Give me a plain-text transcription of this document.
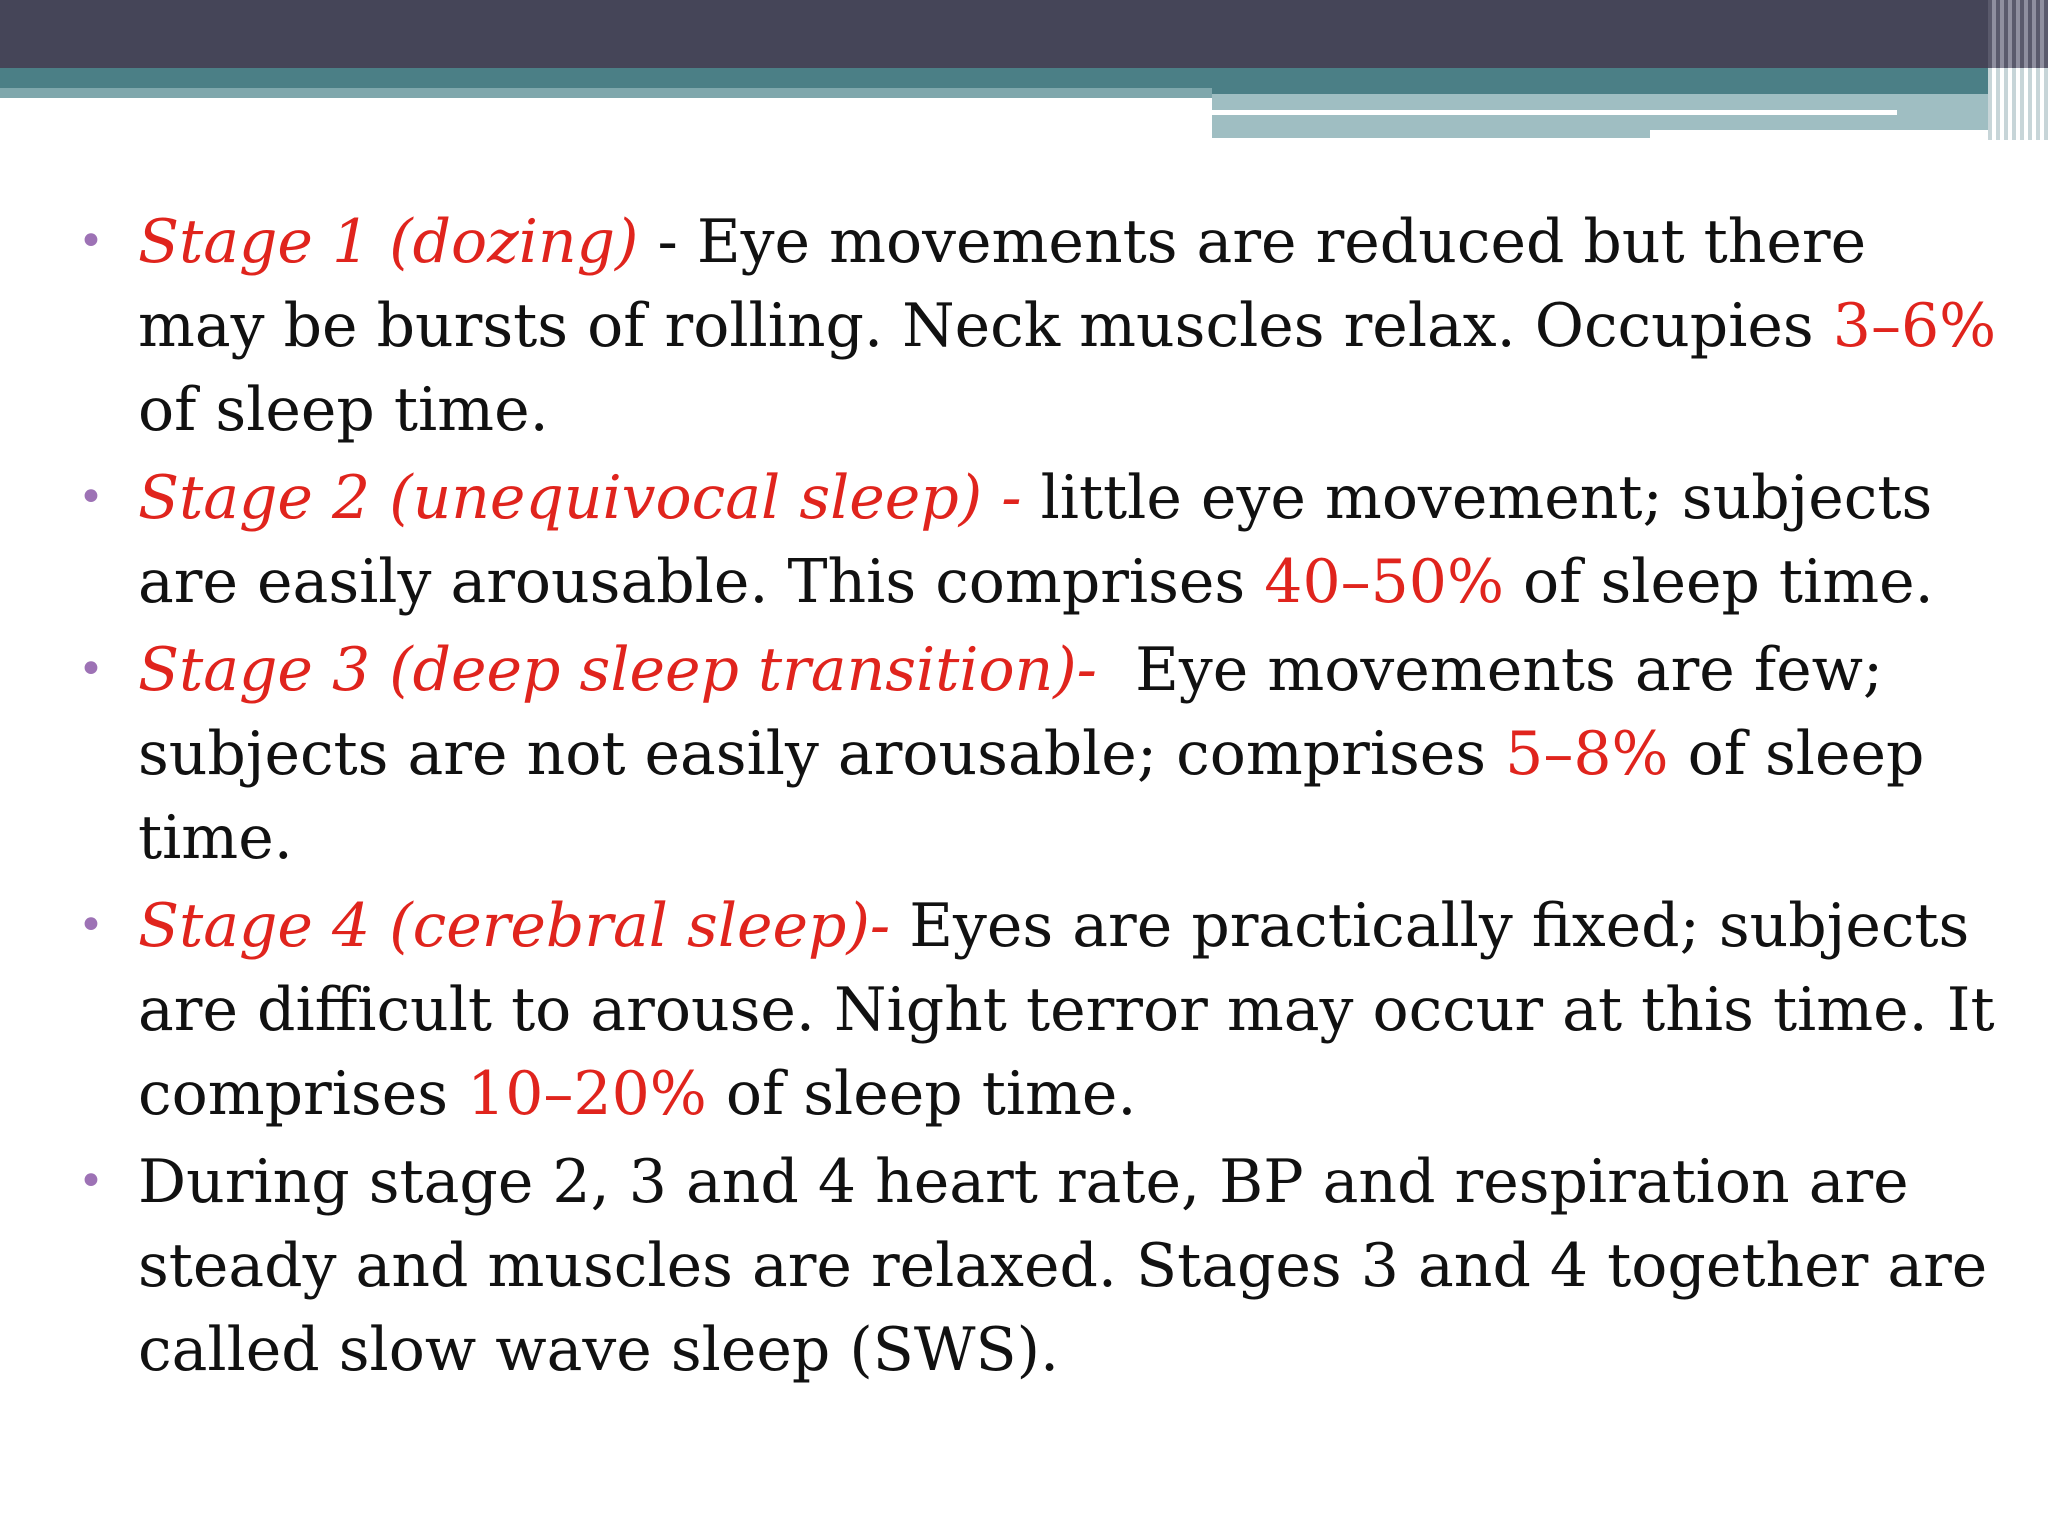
• Stage 1 (dozing) - Eye movements are reduced but there may be bursts of rolling. Neck muscles relax. Occupies 3–6% of sleep time.
• Stage 2 (unequivocal sleep) - little eye movement; subjects are easily arousable. This comprises 40–50% of sleep time.
• Stage 3 (deep sleep transition)- Eye movements are few; subjects are not easily arousable; comprises 5–8% of sleep time.
• Stage 4 (cerebral sleep)- Eyes are practically fixed; subjects are difficult to arouse. Night terror may occur at this time. It comprises 10–20% of sleep time.
• During stage 2, 3 and 4 heart rate, BP and respiration are steady and muscles are relaxed. Stages 3 and 4 together are called slow wave sleep (SWS).
